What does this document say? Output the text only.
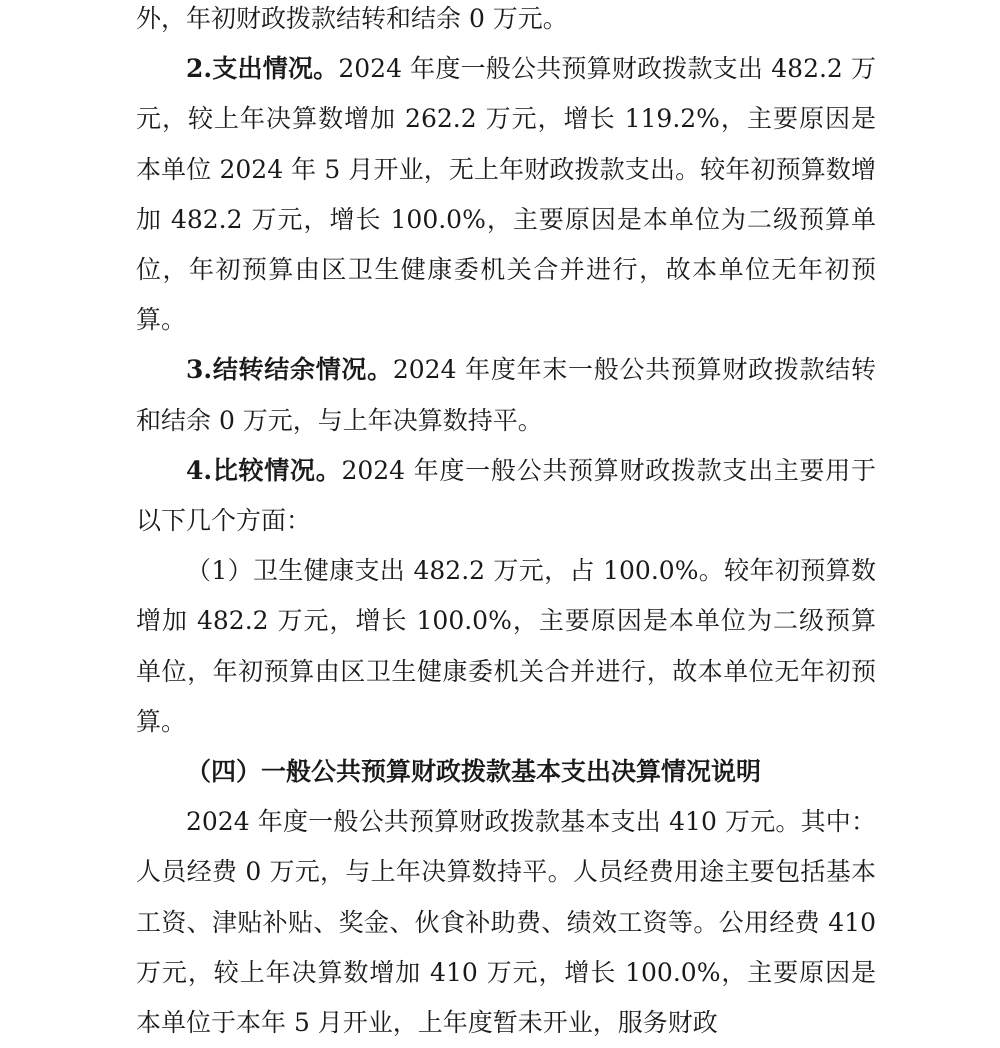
外，年初财政拨款结转和结余 0 万元。

2.支出情况。2024 年度一般公共预算财政拨款支出 482.2 万元，较上年决算数增加 262.2 万元，增长 119.2%，主要原因是本单位 2024 年 5 月开业，无上年财政拨款支出。较年初预算数增加 482.2 万元，增长 100.0%，主要原因是本单位为二级预算单位，年初预算由区卫生健康委机关合并进行，故本单位无年初预算。

3.结转结余情况。2024 年度年末一般公共预算财政拨款结转和结余 0 万元，与上年决算数持平。

4.比较情况。2024 年度一般公共预算财政拨款支出主要用于以下几个方面：

（1）卫生健康支出 482.2 万元，占 100.0%。较年初预算数增加 482.2 万元，增长 100.0%，主要原因是本单位为二级预算单位，年初预算由区卫生健康委机关合并进行，故本单位无年初预算。

（四）一般公共预算财政拨款基本支出决算情况说明

2024 年度一般公共预算财政拨款基本支出 410 万元。其中：人员经费 0 万元，与上年决算数持平。人员经费用途主要包括基本工资、津贴补贴、奖金、伙食补助费、绩效工资等。公用经费 410 万元，较上年决算数增加 410 万元，增长 100.0%，主要原因是本单位于本年 5 月开业，上年度暂未开业，服务财政
